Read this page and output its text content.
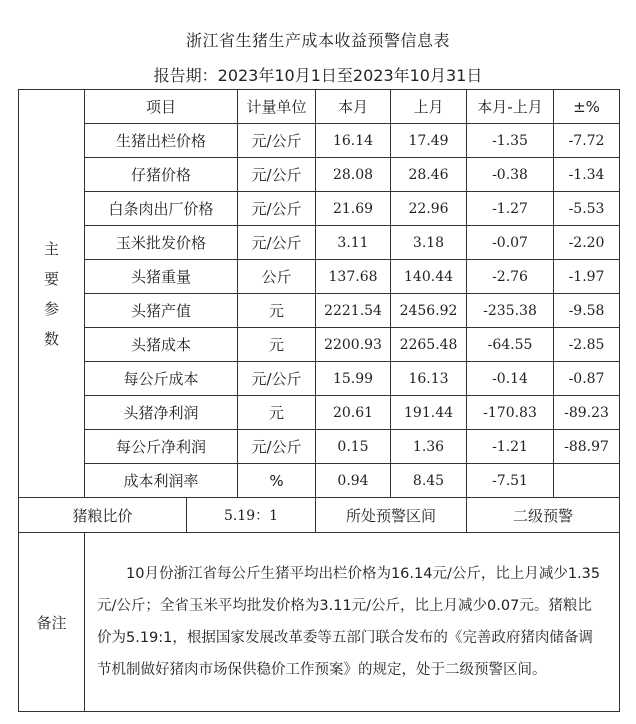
浙江省生猪生产成本收益预警信息表
报告期：2023年10月1日至2023年10月31日
主
要
参
数	项目		计量单位	本月	上月	本月-上月	±%
	生猪出栏价格		元/公斤	16.14	17.49	-1.35	-7.72
	仔猪价格		元/公斤	28.08	28.46	-0.38	-1.34
	白条肉出厂价格		元/公斤	21.69	22.96	-1.27	-5.53
	玉米批发价格		元/公斤	3.11	3.18	-0.07	-2.20
	头猪重量		公斤	137.68	140.44	-2.76	-1.97
	头猪产值		元	2221.54	2456.92	-235.38	-9.58
	头猪成本		元	2200.93	2265.48	-64.55	-2.85
	每公斤成本		元/公斤	15.99	16.13	-0.14	-0.87
	头猪净利润		元	20.61	191.44	-170.83	-89.23
	每公斤净利润		元/公斤	0.15	1.36	-1.21	-88.97
	成本利润率		%	0.94	8.45	-7.51	
猪粮比价		5.19：1		所处预警区间		二级预警	
备注	10月份浙江省每公斤生猪平均出栏价格为16.14元/公斤，比上月减少1.35元/公斤；全省玉米平均批发价格为3.11元/公斤，比上月减少0.07元。猪粮比价为5.19:1，根据国家发展改革委等五部门联合发布的《完善政府猪肉储备调节机制做好猪肉市场保供稳价工作预案》的规定，处于二级预警区间。						
